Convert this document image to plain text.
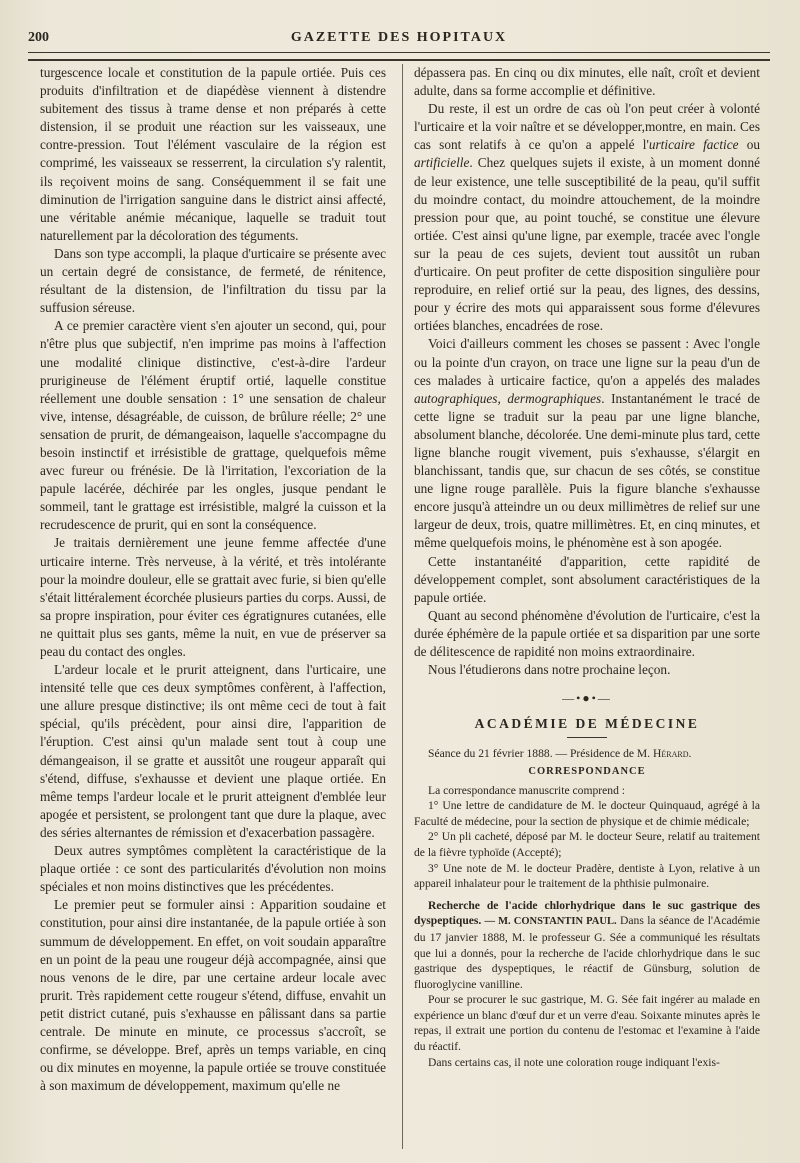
200	GAZETTE DES HOPITAUX

turgescence locale et constitution de la papule ortiée. Puis ces produits d'infiltration et de diapédèse viennent à distendre subitement des tissus à trame dense et non préparés à cette distension, il se produit une réaction sur les vaisseaux, une contre-pression. Tout l'élément vasculaire de la région est comprimé, les vaisseaux se resserrent, la circulation s'y ralentit, ils reçoivent moins de sang. Conséquemment il se fait une diminution de l'irrigation sanguine dans le district ainsi affecté, une véritable anémie mécanique, laquelle se traduit tout naturellement par la décoloration des téguments.

Dans son type accompli, la plaque d'urticaire se présente avec un certain degré de consistance, de fermeté, de rénitence, résultant de la distension, de l'infiltration du tissu par la suffusion séreuse.

A ce premier caractère vient s'en ajouter un second, qui, pour n'être plus que subjectif, n'en imprime pas moins à l'affection une modalité clinique distinctive, c'est-à-dire l'ardeur prurigineuse de l'élément éruptif ortié, laquelle constitue réellement une double sensation : 1° une sensation de chaleur vive, intense, désagréable, de cuisson, de brûlure réelle; 2° une sensation de prurit, de démangeaison, laquelle s'accompagne du besoin instinctif et irrésistible de grattage, quelquefois même avec fureur ou frénésie. De là l'irritation, l'excoriation de la papule lacérée, déchirée par les ongles, jusque pendant le sommeil, tant le grattage est irrésistible, malgré la cuisson et la recrudescence de prurit, qui en sont la conséquence.

Je traitais dernièrement une jeune femme affectée d'une urticaire interne. Très nerveuse, à la vérité, et très intolérante pour la moindre douleur, elle se grattait avec furie, si bien qu'elle s'était littéralement écorchée plusieurs parties du corps. Aussi, de sa propre inspiration, pour éviter ces égratignures cutanées, elle ne quittait plus ses gants, même la nuit, en vue de préserver sa peau du contact des ongles.

L'ardeur locale et le prurit atteignent, dans l'urticaire, une intensité telle que ces deux symptômes confèrent, à l'affection, une allure presque distinctive; ils ont même ceci de tout à fait spécial, qu'ils précèdent, pour ainsi dire, l'apparition de l'éruption. C'est ainsi qu'un malade sent tout à coup une démangeaison, il se gratte et aussitôt une rougeur apparaît qui s'étend, diffuse, s'exhausse et devient une plaque ortiée. En même temps l'ardeur locale et le prurit atteignent d'emblée leur apogée et persistent, se prolongent tant que dure la plaque, avec des séries alternantes de rémission et d'exacerbation passagère.

Deux autres symptômes complètent la caractéristique de la plaque ortiée : ce sont des particularités d'évolution non moins spéciales et non moins distinctives que les précédentes.

Le premier peut se formuler ainsi : Apparition soudaine et constitution, pour ainsi dire instantanée, de la papule ortiée à son summum de développement. En effet, on voit soudain apparaître en un point de la peau une rougeur déjà accompagnée, ainsi que nous venons de le dire, par une certaine ardeur locale avec prurit. Très rapidement cette rougeur s'étend, diffuse, envahit un petit district cutané, puis s'exhausse en pâlissant dans sa partie centrale. De minute en minute, ce processus s'accroît, se confirme, se développe. Bref, après un temps variable, en cinq ou dix minutes en moyenne, la papule ortiée se trouve constituée à son maximum de développement, maximum qu'elle ne

dépassera pas. En cinq ou dix minutes, elle naît, croît et devient adulte, dans sa forme accomplie et définitive.

Du reste, il est un ordre de cas où l'on peut créer à volonté l'urticaire et la voir naître et se développer,montre, en main. Ces cas sont relatifs à ce qu'on a appelé l'urticaire factice ou artificielle. Chez quelques sujets il existe, à un moment donné de leur existence, une telle susceptibilité de la peau, qu'il suffit du moindre contact, du moindre attouchement, de la moindre pression pour que, au point touché, se constitue une élevure ortiée. C'est ainsi qu'une ligne, par exemple, tracée avec l'ongle sur la peau de ces sujets, devient tout aussitôt un ruban d'urticaire. On peut profiter de cette disposition singulière pour reproduire, en relief ortié sur la peau, des lignes, des dessins, pour y écrire des mots qui apparaissent sous forme d'élevures ortiées blanches, encadrées de rose.

Voici d'ailleurs comment les choses se passent : Avec l'ongle ou la pointe d'un crayon, on trace une ligne sur la peau d'un de ces malades à urticaire factice, qu'on a appelés des malades autographiques, dermographiques. Instantanément le tracé de cette ligne se traduit sur la peau par une ligne blanche, absolument blanche, décolorée. Une demi-minute plus tard, cette ligne blanche rougit vivement, puis s'exhausse, s'élargit en blanchissant, tandis que, sur chacun de ses côtés, se constitue une ligne rouge parallèle. Puis la figure blanche s'exhausse encore jusqu'à atteindre un ou deux millimètres de relief sur une largeur de deux, trois, quatre millimètres. Et, en cinq minutes, et même quelquefois moins, le phénomène est à son apogée.

Cette instantanéité d'apparition, cette rapidité de développement complet, sont absolument caractéristiques de la papule ortiée.

Quant au second phénomène d'évolution de l'urticaire, c'est la durée éphémère de la papule ortiée et sa disparition par une sorte de délitescence de rapidité non moins extraordinaire.

Nous l'étudierons dans notre prochaine leçon.

—•●•—
ACADÉMIE DE MÉDECINE

Séance du 21 février 1888. — Présidence de M. Hérard.

CORRESPONDANCE

La correspondance manuscrite comprend :

1° Une lettre de candidature de M. le docteur Quinquaud, agrégé à la Faculté de médecine, pour la section de physique et de chimie médicale;

2° Un pli cacheté, déposé par M. le docteur Seure, relatif au traitement de la fièvre typhoïde (Accepté);

3° Une note de M. le docteur Pradère, dentiste à Lyon, relative à un appareil inhalateur pour le traitement de la phthisie pulmonaire.

Recherche de l'acide chlorhydrique dans le suc gastrique des dyspeptiques. — M. CONSTANTIN PAUL. Dans la séance de l'Académie du 17 janvier 1888, M. le professeur G. Sée a communiqué les résultats que lui a donnés, pour la recherche de l'acide chlorhydrique dans le suc gastrique des dyspeptiques, le réactif de Günsburg, solution de fluoroglycine vanilline.

Pour se procurer le suc gastrique, M. G. Sée fait ingérer au malade en expérience un blanc d'œuf dur et un verre d'eau. Soixante minutes après le repas, il extrait une portion du contenu de l'estomac et l'examine à l'aide du réactif.

Dans certains cas, il note une coloration rouge indiquant l'exis-
